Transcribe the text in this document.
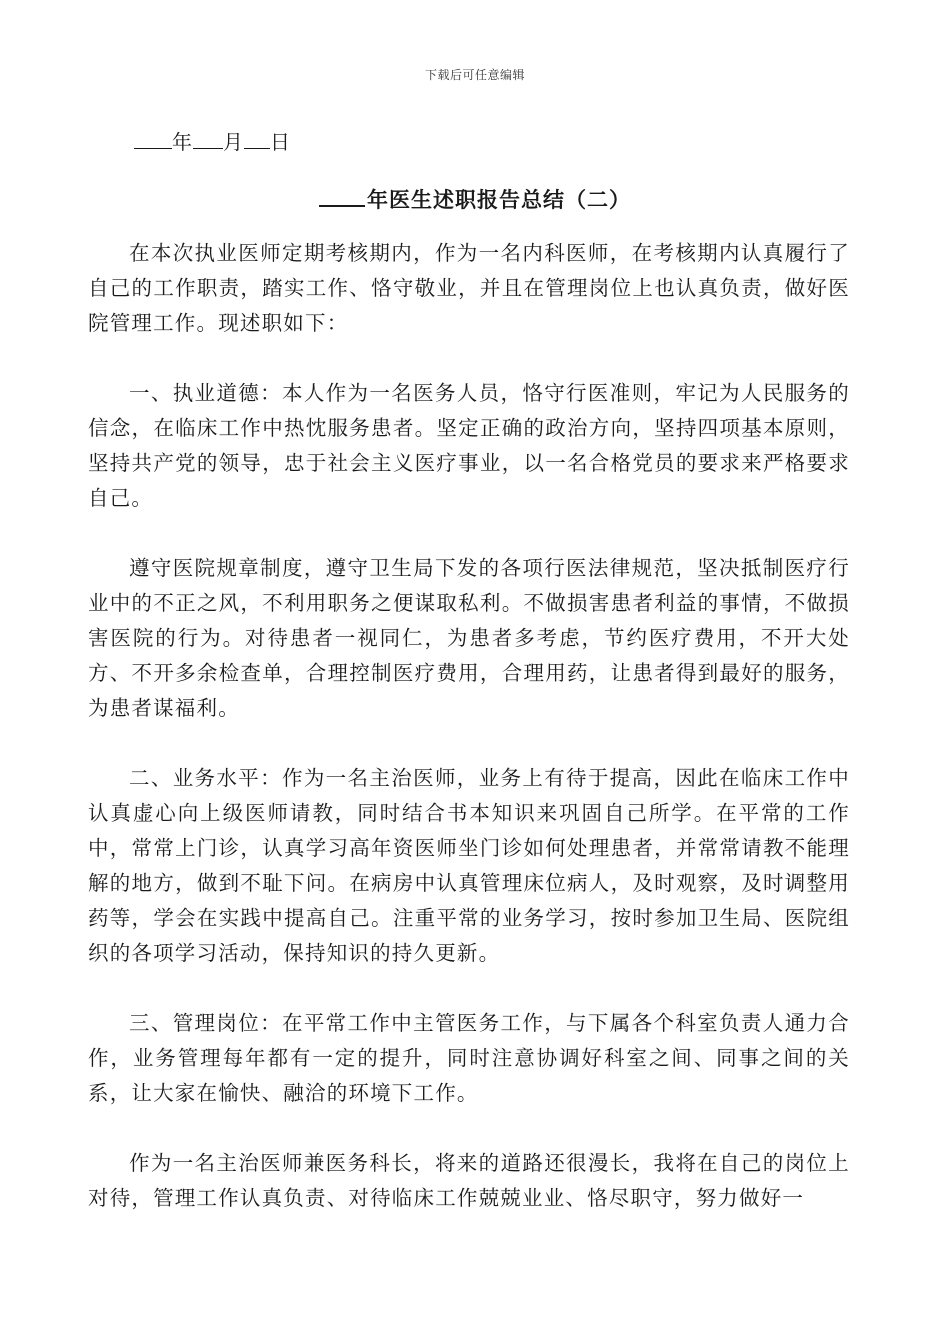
下载后可任意编辑
年 月 日
年医生述职报告总结（二）

在本次执业医师定期考核期内，作为一名内科医师，在考核期内认真履行了自己的工作职责，踏实工作、恪守敬业，并且在管理岗位上也认真负责，做好医院管理工作。现述职如下：

一、执业道德：本人作为一名医务人员，恪守行医准则，牢记为人民服务的信念，在临床工作中热忱服务患者。坚定正确的政治方向，坚持四项基本原则，坚持共产党的领导，忠于社会主义医疗事业，以一名合格党员的要求来严格要求自己。

遵守医院规章制度，遵守卫生局下发的各项行医法律规范，坚决抵制医疗行业中的不正之风，不利用职务之便谋取私利。不做损害患者利益的事情，不做损害医院的行为。对待患者一视同仁，为患者多考虑，节约医疗费用，不开大处方、不开多余检查单，合理控制医疗费用，合理用药，让患者得到最好的服务，为患者谋福利。

二、业务水平：作为一名主治医师，业务上有待于提高，因此在临床工作中认真虚心向上级医师请教，同时结合书本知识来巩固自己所学。在平常的工作中，常常上门诊，认真学习高年资医师坐门诊如何处理患者，并常常请教不能理解的地方，做到不耻下问。在病房中认真管理床位病人，及时观察，及时调整用药等，学会在实践中提高自己。注重平常的业务学习，按时参加卫生局、医院组织的各项学习活动，保持知识的持久更新。

三、管理岗位：在平常工作中主管医务工作，与下属各个科室负责人通力合作，业务管理每年都有一定的提升，同时注意协调好科室之间、同事之间的关系，让大家在愉快、融洽的环境下工作。

作为一名主治医师兼医务科长，将来的道路还很漫长，我将在自己的岗位上对待，管理工作认真负责、对待临床工作兢兢业业、恪尽职守，努力做好一
